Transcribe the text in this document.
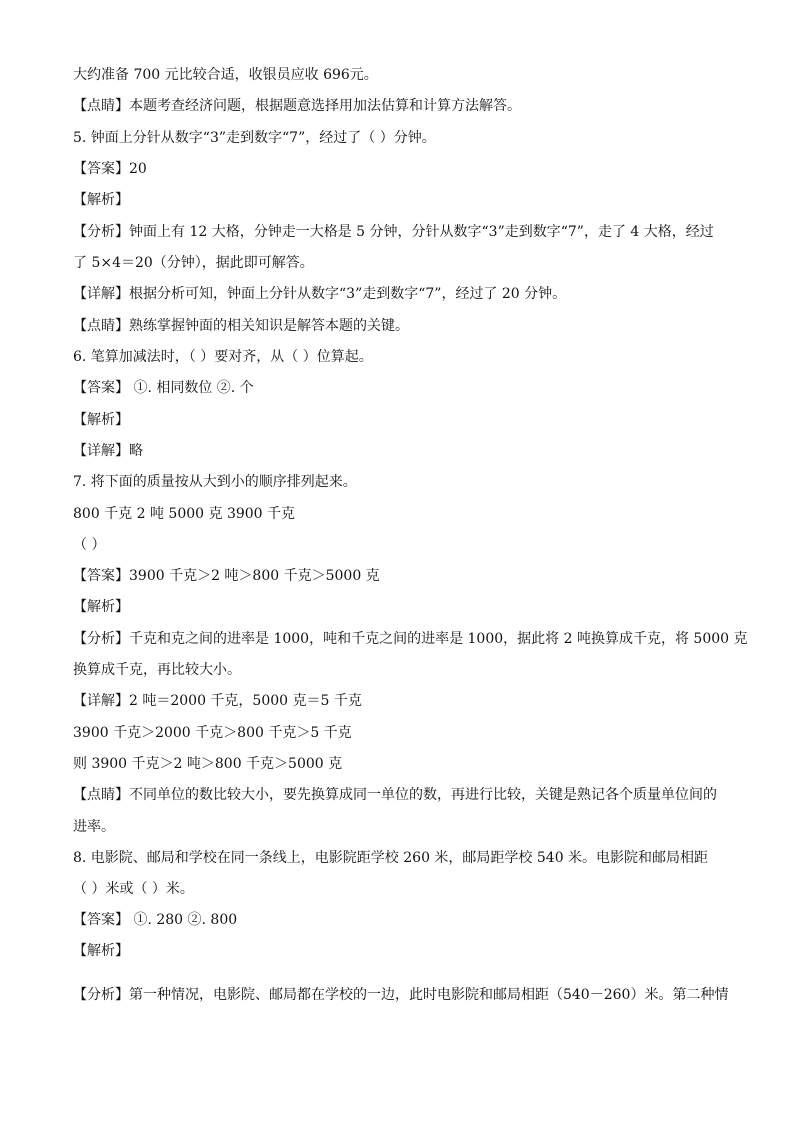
大约准备 700 元比较合适，收银员应收 696元。
【点睛】本题考查经济问题，根据题意选择用加法估算和计算方法解答。
5. 钟面上分针从数字“3”走到数字“7”，经过了（ ）分钟。
【答案】20
【解析】
【分析】钟面上有 12 大格，分钟走一大格是 5 分钟，分针从数字“3”走到数字“7”，走了 4 大格，经过
了 5×4＝20（分钟），据此即可解答。
【详解】根据分析可知，钟面上分针从数字“3”走到数字“7”，经过了 20 分钟。
【点睛】熟练掌握钟面的相关知识是解答本题的关键。
6. 笔算加减法时，（ ）要对齐，从（ ）位算起。
【答案】 ①. 相同数位 ②. 个
【解析】
【详解】略
7. 将下面的质量按从大到小的顺序排列起来。
800 千克 2 吨 5000 克 3900 千克
（ ）
【答案】3900 千克＞2 吨＞800 千克＞5000 克
【解析】
【分析】千克和克之间的进率是 1000，吨和千克之间的进率是 1000，据此将 2 吨换算成千克，将 5000 克
换算成千克，再比较大小。
【详解】2 吨＝2000 千克，5000 克＝5 千克
3900 千克＞2000 千克＞800 千克＞5 千克
则 3900 千克＞2 吨＞800 千克＞5000 克
【点睛】不同单位的数比较大小，要先换算成同一单位的数，再进行比较，关键是熟记各个质量单位间的
进率。
8. 电影院、邮局和学校在同一条线上，电影院距学校 260 米，邮局距学校 540 米。电影院和邮局相距
（ ）米或（ ）米。
【答案】 ①. 280 ②. 800
【解析】
【分析】第一种情况，电影院、邮局都在学校的一边，此时电影院和邮局相距（540－260）米。第二种情
